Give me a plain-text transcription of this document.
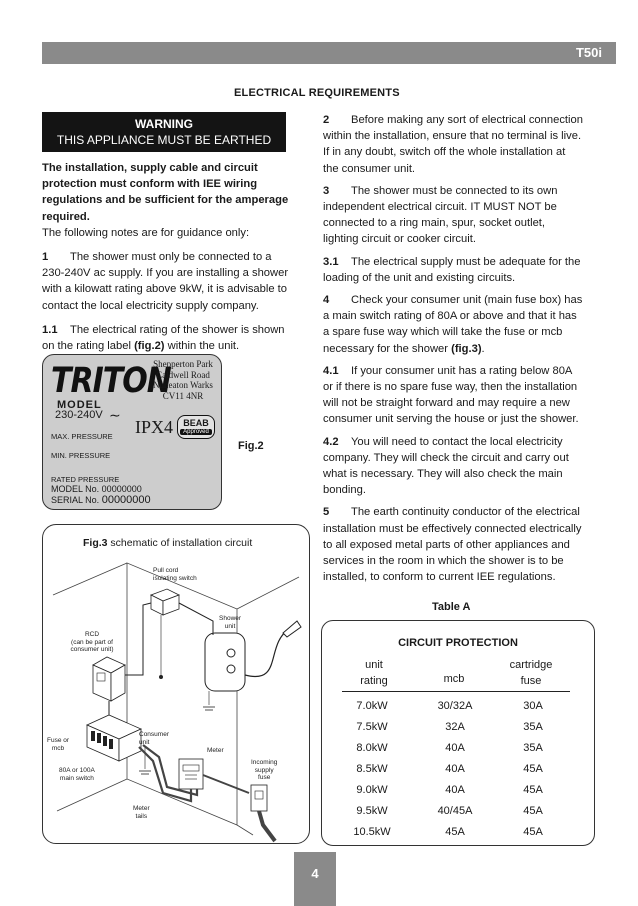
T50i
ELECTRICAL REQUIREMENTS
WARNING
THIS APPLIANCE MUST BE EARTHED

The installation, supply cable and circuit protection must conform with IEE wiring regulations and be sufficient for the amperage required.

The following notes are for guidance only:

1 The shower must only be connected to a 230-240V ac supply. If you are installing a shower with a kilowatt rating above 9kW, it is advisable to contact the local electricity supply company.

1.1 The electrical rating of the shower is shown on the rating label (fig.2) within the unit.

TRITON
Shepperton Park
Caldwell Road
Nuneaton Warks
CV11 4NR
MODEL
230-240V ∼
IPX4	BEAB
Approved
MAX. PRESSURE
MIN. PRESSURE
RATED PRESSURE
MODEL No. 00000000
SERIAL No. 00000000
Fig.2
Fig.3 schematic of installation circuit
Pull cord
isolating switch
Shower
unit
RCD
(can be part of
consumer unit)
Fuse or
mcb
Consumer
unit
Meter
80A or 100A
main switch
Incoming
supply
fuse
Meter
tails

2 Before making any sort of electrical connection within the installation, ensure that no terminal is live. If in any doubt, switch off the whole installation at the consumer unit.

3 The shower must be connected to its own independent electrical circuit. IT MUST NOT be connected to a ring main, spur, socket outlet, lighting circuit or cooker circuit.

3.1 The electrical supply must be adequate for the loading of the unit and existing circuits.

4 Check your consumer unit (main fuse box) has a main switch rating of 80A or above and that it has a spare fuse way which will take the fuse or mcb necessary for the shower (fig.3).

4.1 If your consumer unit has a rating below 80A or if there is no spare fuse way, then the installation will not be straight forward and may require a new consumer unit serving the house or just the shower.

4.2 You will need to contact the local electricity company. They will check the circuit and carry out what is necessary. They will also check the main bonding.

5 The earth continuity conductor of the electrical installation must be effectively connected electrically to all exposed metal parts of other appliances and services in the room in which the shower is to be installed, to conform to current IEE regulations.

Table A
CIRCUIT PROTECTION
unit
rating	mcb
cartridge
fuse
7.0kW	30/32A	30A
7.5kW	32A	35A
8.0kW	40A	35A
8.5kW	40A	45A
9.0kW	40A	45A
9.5kW	40/45A	45A
10.5kW	45A	45A
4
